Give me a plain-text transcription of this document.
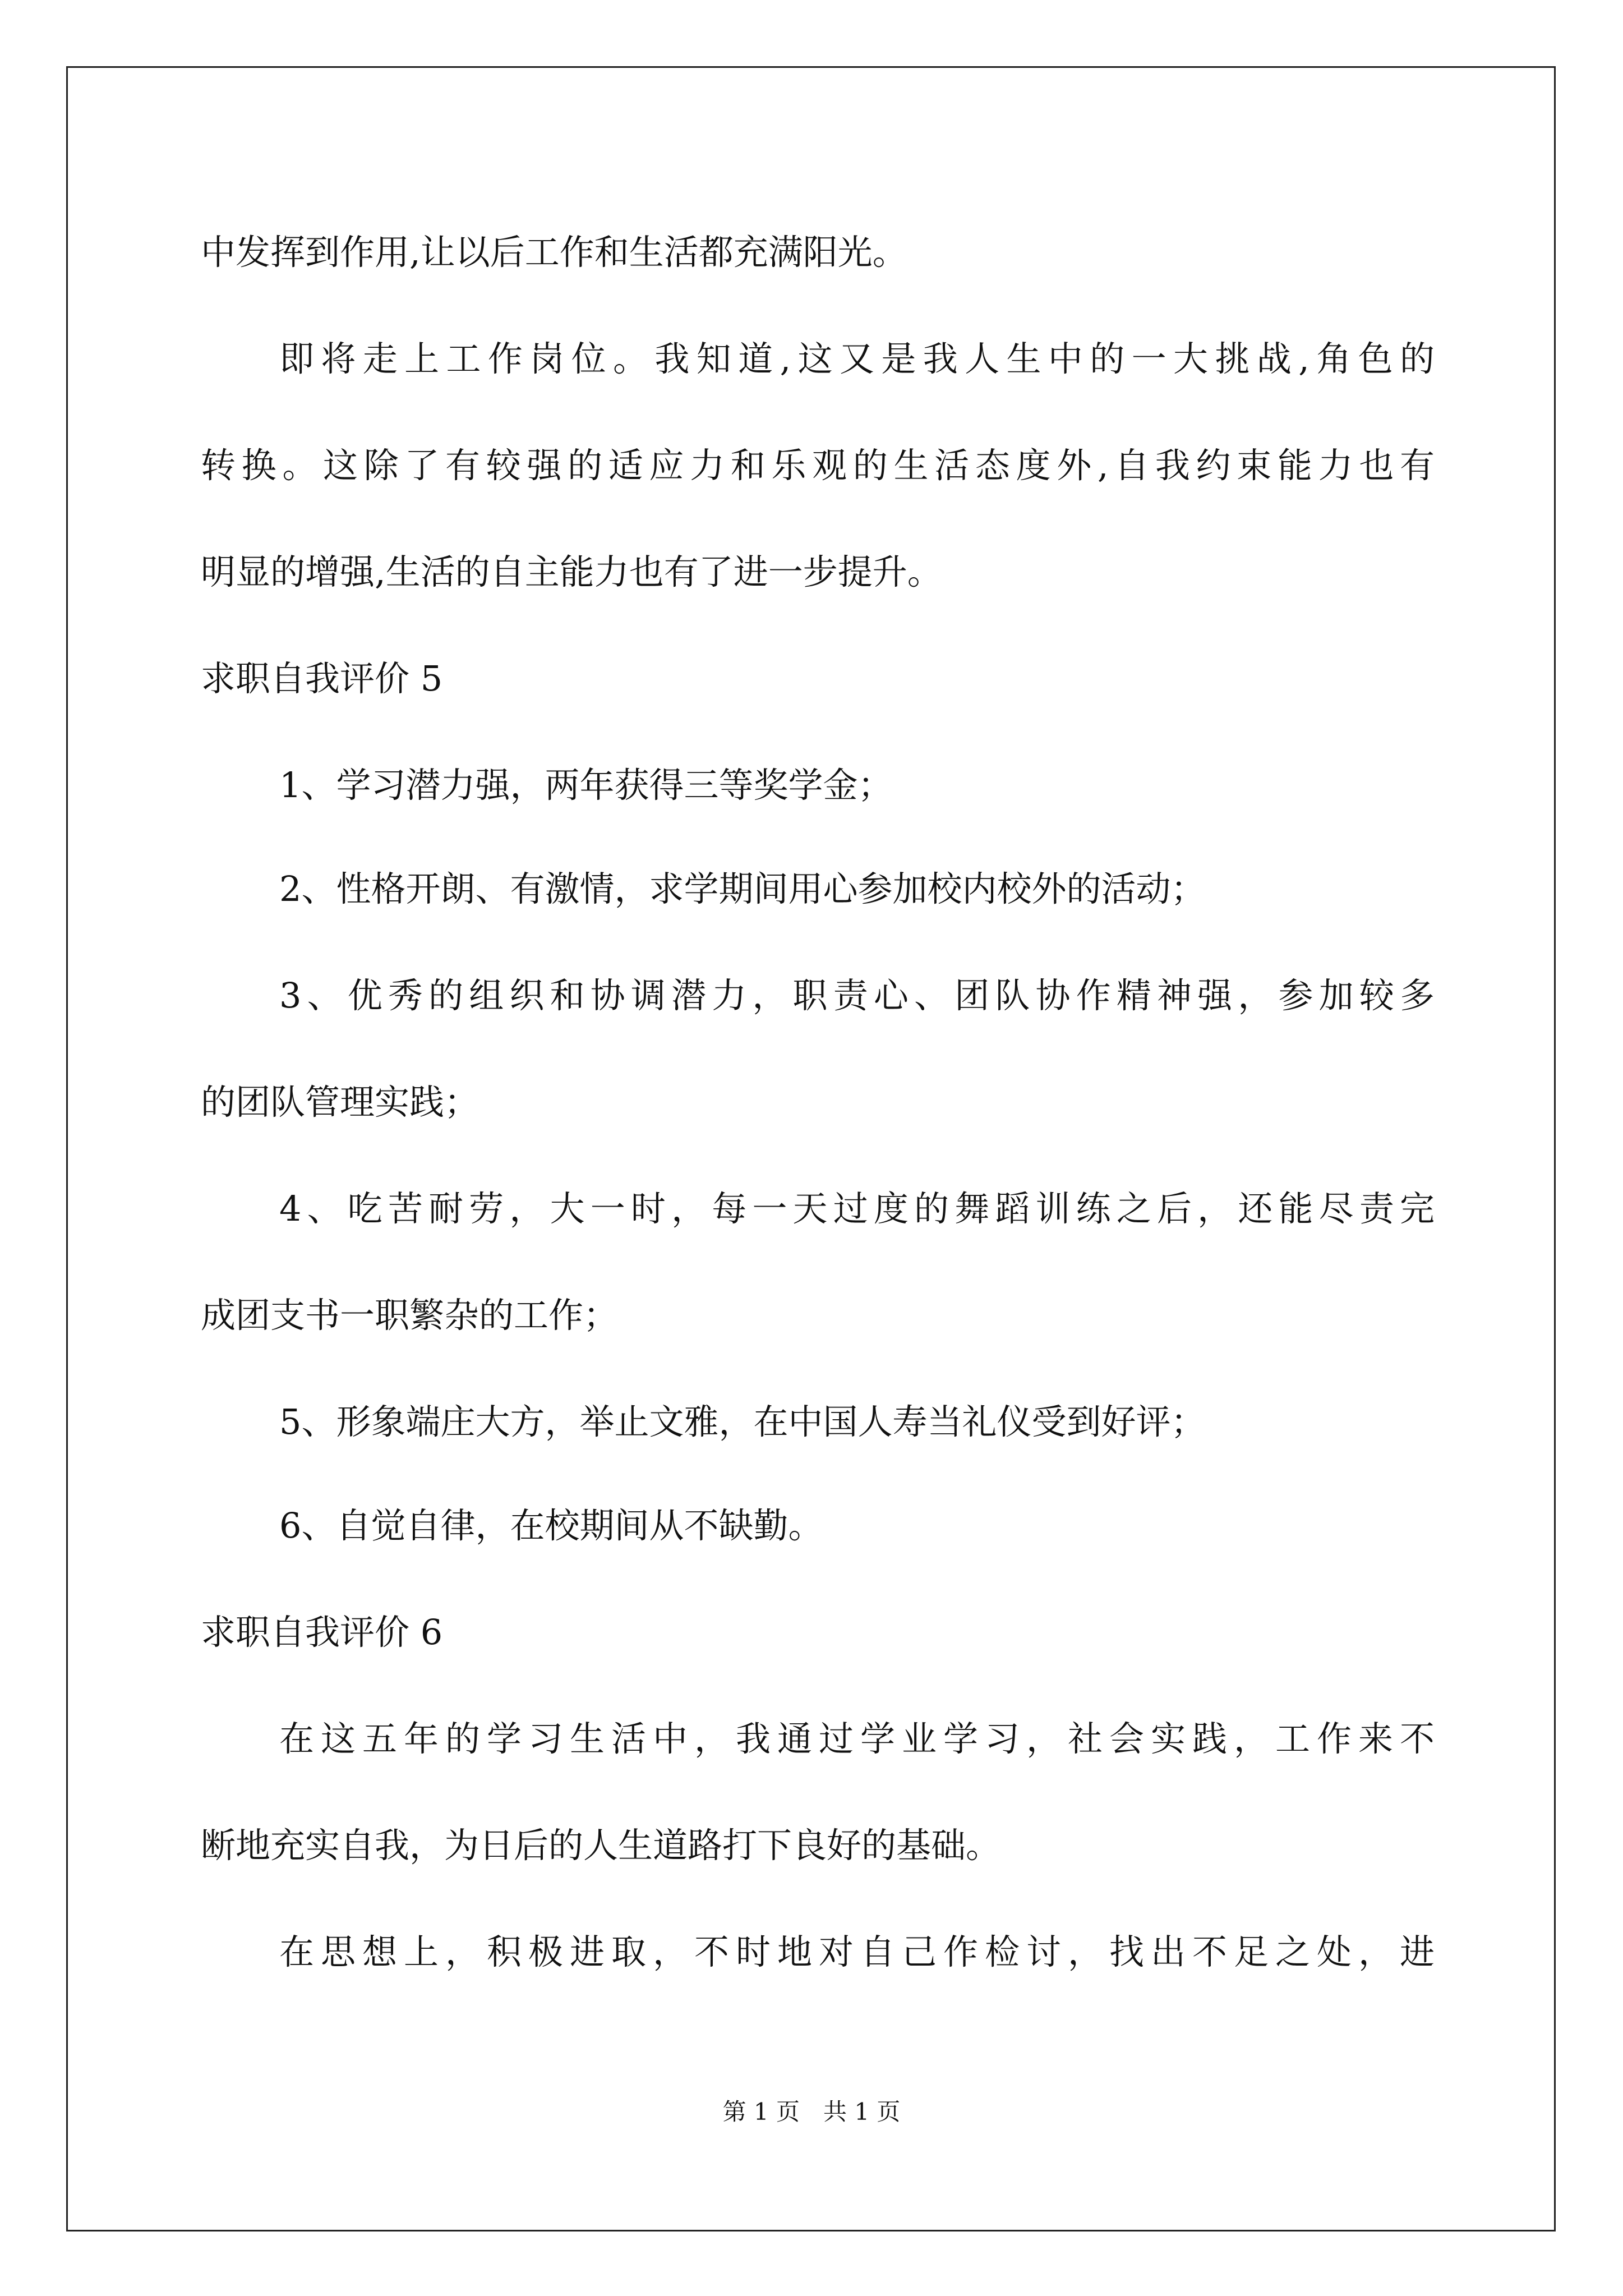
中发挥到作用,让以后工作和生活都充满阳光。
即将走上工作岗位。我知道,这又是我人生中的一大挑战,角色的
转换。这除了有较强的适应力和乐观的生活态度外,自我约束能力也有
明显的增强,生活的自主能力也有了进一步提升。
求职自我评价 5
1、学习潜力强，两年获得三等奖学金；
2、性格开朗、有激情，求学期间用心参加校内校外的活动；
3、优秀的组织和协调潜力，职责心、团队协作精神强，参加较多
的团队管理实践；
4、吃苦耐劳，大一时，每一天过度的舞蹈训练之后，还能尽责完
成团支书一职繁杂的工作；
5、形象端庄大方，举止文雅，在中国人寿当礼仪受到好评；
6、自觉自律，在校期间从不缺勤。
求职自我评价 6
在这五年的学习生活中，我通过学业学习，社会实践，工作来不
断地充实自我，为日后的人生道路打下良好的基础。
在思想上，积极进取，不时地对自己作检讨，找出不足之处，进
第 1 页　共 1 页
